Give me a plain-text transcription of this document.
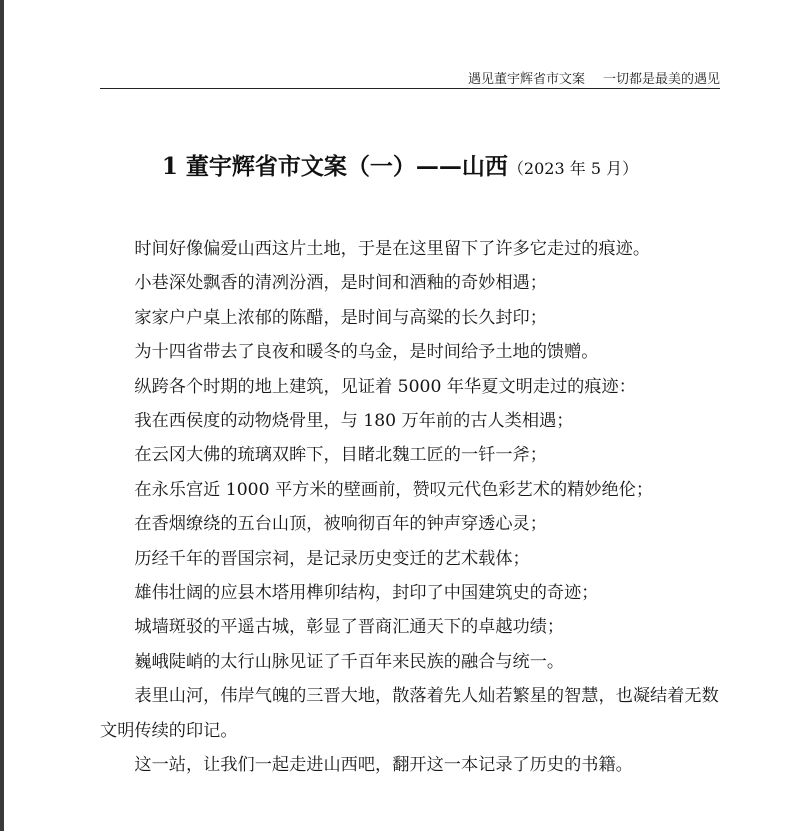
遇见董宇辉省市文案 一切都是最美的遇见
1 董宇辉省市文案（一）——山西（2023 年 5 月）

时间好像偏爱山西这片土地，于是在这里留下了许多它走过的痕迹。

小巷深处飘香的清冽汾酒，是时间和酒釉的奇妙相遇；

家家户户桌上浓郁的陈醋，是时间与高粱的长久封印；

为十四省带去了良夜和暖冬的乌金，是时间给予土地的馈赠。

纵跨各个时期的地上建筑，见证着 5000 年华夏文明走过的痕迹：

我在西侯度的动物烧骨里，与 180 万年前的古人类相遇；

在云冈大佛的琉璃双眸下，目睹北魏工匠的一钎一斧；

在永乐宫近 1000 平方米的壁画前，赞叹元代色彩艺术的精妙绝伦；

在香烟缭绕的五台山顶，被响彻百年的钟声穿透心灵；

历经千年的晋国宗祠，是记录历史变迁的艺术载体；

雄伟壮阔的应县木塔用榫卯结构，封印了中国建筑史的奇迹；

城墙斑驳的平遥古城，彰显了晋商汇通天下的卓越功绩；

巍峨陡峭的太行山脉见证了千百年来民族的融合与统一。

表里山河，伟岸气魄的三晋大地，散落着先人灿若繁星的智慧，也凝结着无数文明传续的印记。

这一站，让我们一起走进山西吧，翻开这一本记录了历史的书籍。
